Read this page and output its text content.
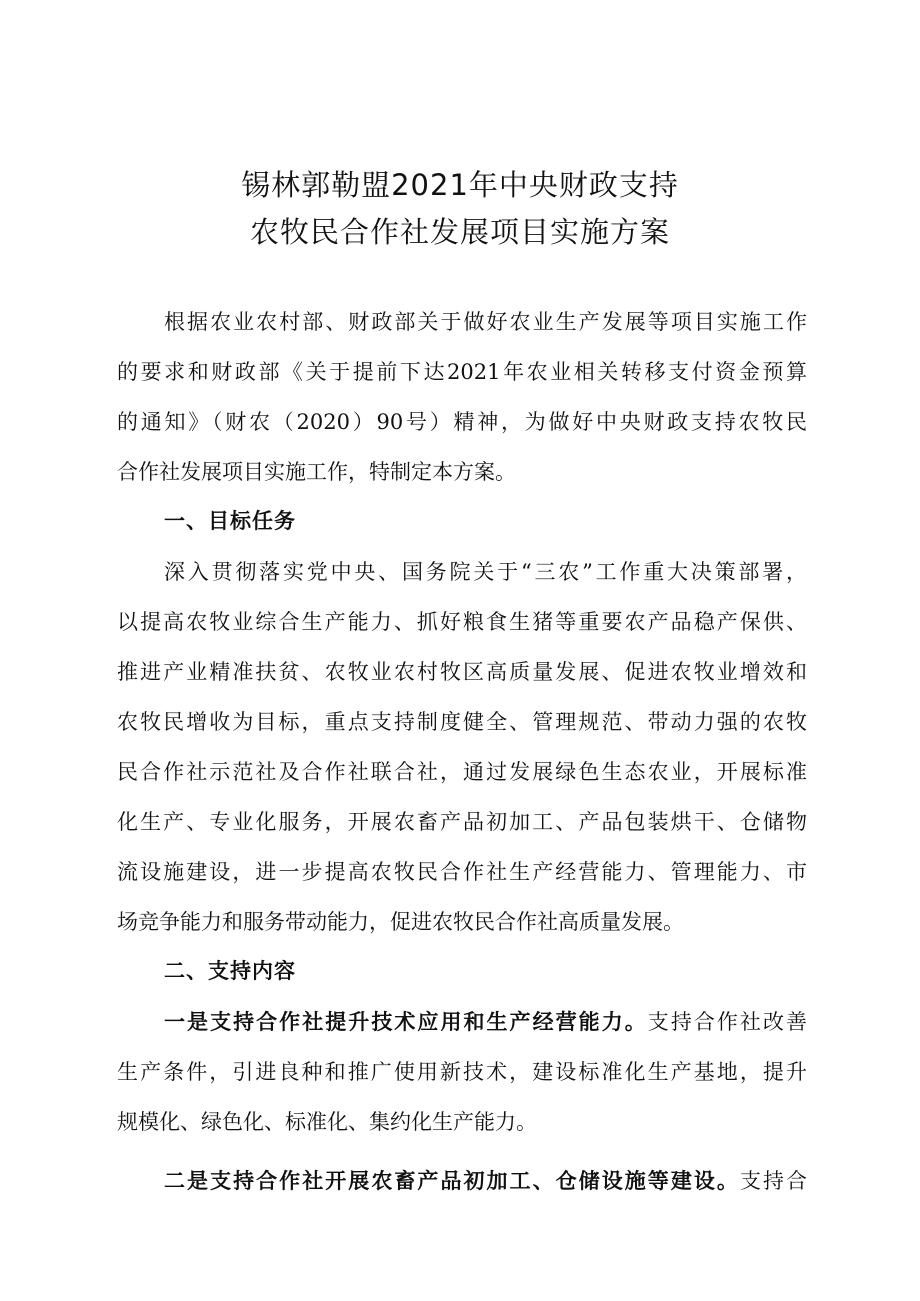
锡林郭勒盟2021年中央财政支持
农牧民合作社发展项目实施方案
根据农业农村部、财政部关于做好农业生产发展等项目实施工作
的要求和财政部《关于提前下达2021年农业相关转移支付资金预算
的通知》（财农（2020）90号）精神，为做好中央财政支持农牧民
合作社发展项目实施工作，特制定本方案。
一、目标任务
深入贯彻落实党中央、国务院关于“三农”工作重大决策部署，
以提高农牧业综合生产能力、抓好粮食生猪等重要农产品稳产保供、
推进产业精准扶贫、农牧业农村牧区高质量发展、促进农牧业增效和
农牧民增收为目标，重点支持制度健全、管理规范、带动力强的农牧
民合作社示范社及合作社联合社，通过发展绿色生态农业，开展标准
化生产、专业化服务，开展农畜产品初加工、产品包装烘干、仓储物
流设施建设，进一步提高农牧民合作社生产经营能力、管理能力、市
场竞争能力和服务带动能力，促进农牧民合作社高质量发展。
二、支持内容
一是支持合作社提升技术应用和生产经营能力。支持合作社改善
生产条件，引进良种和推广使用新技术，建设标准化生产基地，提升
规模化、绿色化、标准化、集约化生产能力。
二是支持合作社开展农畜产品初加工、仓储设施等建设。支持合
